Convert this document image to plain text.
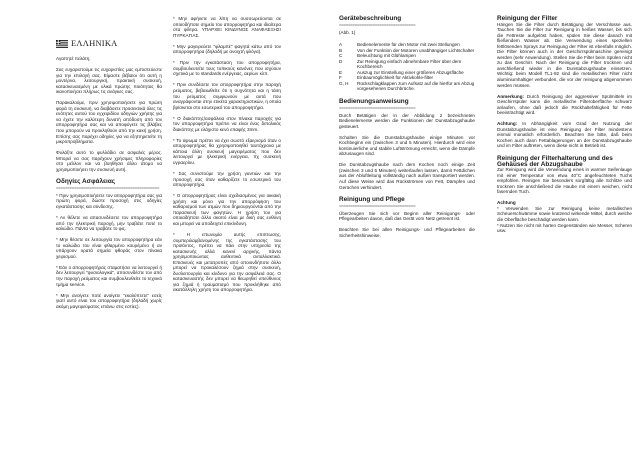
ΕΛΛΗΝΙΚΑ

Αγαπητέ πελάτη,

Σας ευχαριστούμε τις ευχαριστίες μας εμπιστεύεστε για την επιλογή σας. Είμαστε βέβαιοι ότι αυτή η μοντέρνα, λειτουργική, πρακτική συσκευή, κατασκευασμένη με υλικά πρώτης ποιότητας θα ικανοποιήσει πλήρως τις ανάγκες σας.

Παρακαλούμε, πριν χρησιμοποιήσετε για πρώτη φορά τη συσκευή, να διαβάσετε προσεκτικά όλες τις ενότητες αυτού του εγχειριδίου οδηγιών χρήσης για να έχετε την καλύτερη δυνατή απόδοση από τον απορροφητήρα σας και να αποφύγετε τις βλάβες που μπορούν να προκληθούν από την κακή χρήση. Επίσης σας παρέχει οδηγίες για να εξηπηρετείτε τη μικροπροβλήματα.

Φυλάξτε αυτό το φυλλάδιο σε ασφαλές μέρος. Μπορεί να σας παρέχουν χρήσιμες πληροφορίες στο μέλλον και να βοηθήσει άλλο άτομο να χρησιμοποιήσει την συσκευή αυτή.

Οδηγίες Ασφάλειας
==============================================

* Πριν χρησιμοποιήσετε τον απορροφητήρα σας για πρώτη φορά, δώστε προσοχή στις οδηγίες εγκατάστασης και σύνδεσης.

* Αν θέλετε να απασυνδέσετε τον απορροφητήρα από την ηλεκτρική παροχή, μην τραβάτε ποτέ το καλώδιο. Πάντα να τραβάτε το φις.

* Μην θέσετε σε λειτουργία τον απορροφητήρα εάν το καλώδιο του είναι φθαρμένο κουρέμένο ή αν υπάρχουν ορατά σημεία φθοράς στον πίνακα χειρισμού.

* Εάν ο απορροφητήρας σταματήσει να λειτουργεί ή δεν λειτουργεί "φυσιολογικά", αποσυνδέστε τον από την παροχή ρεύματος και συμβουλευθείτε το τεχνικό τμήμα service.

* Μην ανοίγετε ποτέ ανοίγετε "εκαλύπτετε" εσείς γιατί αυτό είναι του απορροφητήρα (δηλαδή χωρίς ακόμη μαγειρεύματος επάνω στις εστίες).

* Μην αφήνετε να λίπη να συσσωρεύονται σε οποιοδήποτε σημείο του απορροφητήρα και ιδιαίτερα στα φίλτρα. ΥΠΑΡΧΕΙ ΚΙΝΔΥΝΟΣ ΑΝΑΦΛΕΞΗΣ!ΠΥΡΚΑΓΙΑΣ.

* Μην μαγειρεύετε "φλαμπέ" φαγητά κάτω από τον απορροφητήρα (δηλαδή με ανοιχτή φλόγα).

* Πριν την εγκατάσταση του απορροφητήρα, συμβουλευτείτε τους τοπικούς κανόνες που ισχύουν σχετικά με το standards ενέργειας, αερίων κλπ.

* Πριν συνδέσετε τον απορροφητήρα στην παροχή ρεύματος, βεβαιωθείτε ότι η συχνότητα και η τάση του ρεύματος συμφωνούν με αυτά που αναγράφονται στην ετικέτα χαρακτηριστικών, η οποία βρίσκεται στο εσωτερικό του απορροφητήρα.

* Ο διακόπτης/ασφάλεια στον πίνακα παροχής για τον απορροφητήρα πρέπει να είναι ένας διπολικός διακόπτης με ελάχιστο κενό επαφής 3mm.

* Το ύψωμα πρέπει να έχει σωστό εξαερισμό όταν ο απορροφητήρας θα χρησιμοποιηθεί ταυτόχρονα με κάποια άλλη συσκευή μαγειρέματος που δεν λειτουργεί με ηλεκτρική ενέργεια, πχ συσκευή υγραερίου.

* Σας συνιστούμε την χρήση γαντιών και την προσοχή σας όταν καθαρίζετε το εσωτερικό του απορροφητήρα.

* Ο απορροφητήρας είναι σχεδιασμένος για οικιακή χρήση και μόνο για την απορρόφηση του καθαρισμού των ατμών που δημιουργούνται από την παρασκευή των φαγητών. Η χρήση του για οποιαδήποτε άλλο σκοπό είναι με δική σας ευθύνη και μπορεί να αποδειχτεί επικίνδυνη.

* Η επωνυμία αυτής επιπτωσης, συμπεριλαμβανομένης της εγκατάστασης του προϊόντος, πρέπει να πάει στην υπηρεσία της κατασκευής αλλά κανενί αρχικής, πάντα χρησιμοποιώντας αυθεντικά ανταλλακτικά. Επισκευές και μετατροπές από οποιονδήποτε άλλο μπορεί να προκαλέσουν ζημιά στην συσκευή, δυσλειτουργία και κίνδυνο για την ασφάλειά σας. Ο κατασκευαστής δεν μπορεί να θεωρηθεί υπεύθυνος για ζημιά ή τραυματισμό που προκλήθηκε από ακατάλληλη χρήση του απορροφητήρα.

Gerätebeschreibung
==================================
(Abb. 1)
A	Bedienelemente für den Motor mit zwei Stellungen
B	Von der Funktion der Motoren unabhängiger Lichtschalter
C	Beleuchtung mit Glühlampen
D	Zur Reinigung einfach abnehmbare Filter über dem Kochbereich
E	Auszug zur Einstellung einer größeren Abzugsfläche
F	Einbaumöglichkeit für Aktivkohle-filter
G, H	Rückschlagklappen zum Aufsatz auf die hierfür am Abzug vorgesehenen Durchbrüche.
Bedienungsanweisung
==================================

Durch Betätigen der in der Abbildung 2 bezeichneten Bedienelemente werden die Funktionen der Dunstabzugshaube gesteuert.

Schalten Sie die Dunstabzugshaube einige Minuten vor Kochbeginn ein (zwischen 3 und 5 Minuten). Hierdurch wird eine kontinuierliche und stabile Luftströmung erreicht, wenn die Dämpfe abzusaugen sind.

Die Dunstabzugshaube nach dem Kochen noch einige Zeit (zwischen 3 und 5 Minuten) weiterlaufen lassen, damit Fettdichen aus der Abluftleitung vollständig nach außen transportiert werden. Auf diese Weise wird das Rückströmen von Fett, Dämpfen und Gerüchen verhindert.

Reinigung und Pflege
==================================

Überzeugen Sie sich vor Beginn aller Reinigungs- oder Pflegearbeiten davon, daß das Gerät vom Netz getrennt ist.

Beachten Sie bei allen Reinigungs- und Pflegearbeiten die Sicherheitshinweise.

Reinigung der Filter

Hängen Sie die Filter durch Betätigung der Verschlüsse aus. Tauchen Sie die Filter zur Reinigung in heißes Wasser, bis sich die Fettreste aufgelöst haben, spülen Sie diese danach mit fließendem Wasser ab. Die Verwendung eines speziellen fettlösenden Sprays zur Reinigung der Filter ist ebenfalls möglich. Die Filter können auch in der Geschirrspülmaschine gereinigt werden (sehr Anwendung). Stellen Sie die Filter beim Spülen nicht zu das Geschirr. Nach der Reinigung die Filter trocknen und anschließend wieder in die Dunstabzugshaube einsetzen. Wichtig: beim Modell TL1-92 sind die metallischen Filter nicht aluminiumhaltiger verbunden, die vor der reinigung abgenommen werden müssen.

Anmerkung: Durch Reinigung der aggressiver Spülmitteln im Geschirrspüler kann die metallische Filteroberfläche schwarz anlaufen, ohne daß jedoch die Rückhaltefähigkeit für Fette beeinträchtigt wird.

Achtung: In Abhängigkeit vom Grad der Nutzung der Dunstabzugshaube ist eine Reinigung der Filter mindestens einmal monatlich erforderlich. Beachten Sie bitte, daß beim Kochen auch dann Fettablagerungen an der Dunstabzugshaube und im Filter auftreten, wenn diese nicht in Betrieb ist.

Reinigung der Filterhalterung und des Gehäuses der Abzugshaube

Zur Reinigung wird die Verwendung eines in warmer Seifenlauge mit einer Temperatur von etwa 40°C angefeuchteten Tuchs empfohlen. Reinigen Sie besonders sorgfältig alle Schlitze und trocknen Sie anschließend die Haube mit einem weichen, nicht fasernden Tuch.

Achtung
* Verwenden Sie zur Reinigung keine metallischen Scheuerschwämme sowie kratzend wirkende Mittel, durch welche die Oberfläche beschädigt werden kann.
* Nutzen Sie nicht mit harten Gegenständen wie Messer, Scheren usw.
